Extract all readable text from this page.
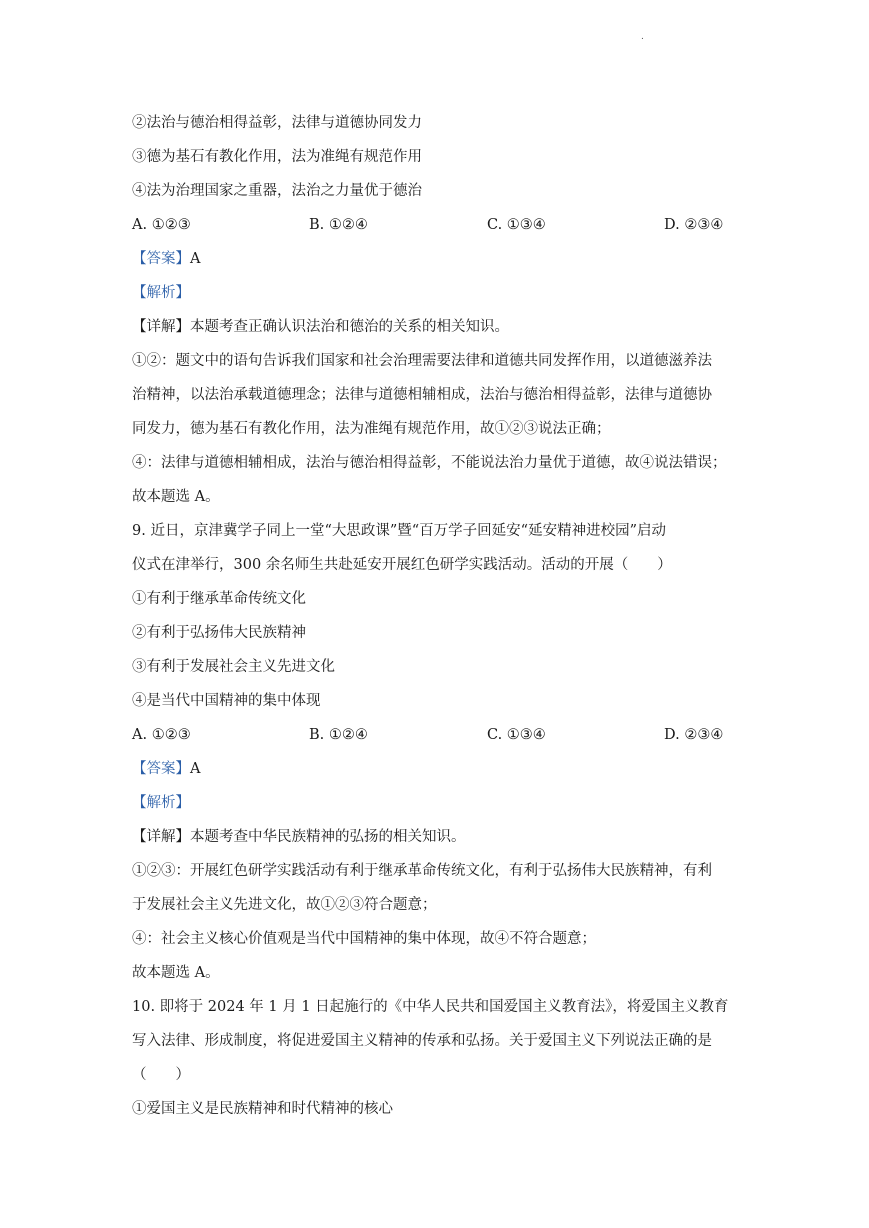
.
②法治与德治相得益彰，法律与道德协同发力
③德为基石有教化作用，法为准绳有规范作用
④法为治理国家之重器，法治之力量优于德治
A. ①②③	B. ①②④	C. ①③④	D. ②③④
【答案】A
【解析】
【详解】本题考查正确认识法治和德治的关系的相关知识。
①②：题文中的语句告诉我们国家和社会治理需要法律和道德共同发挥作用，以道德滋养法
治精神，以法治承载道德理念；法律与道德相辅相成，法治与德治相得益彰，法律与道德协
同发力，德为基石有教化作用，法为准绳有规范作用，故①②③说法正确；
④：法律与道德相辅相成，法治与德治相得益彰，不能说法治力量优于道德，故④说法错误；
故本题选 A。
9. 近日，京津冀学子同上一堂“大思政课”暨“百万学子回延安“延安精神进校园”启动
仪式在津举行，300 余名师生共赴延安开展红色研学实践活动。活动的开展（　　）
①有利于继承革命传统文化
②有利于弘扬伟大民族精神
③有利于发展社会主义先进文化
④是当代中国精神的集中体现
A. ①②③	B. ①②④	C. ①③④	D. ②③④
【答案】A
【解析】
【详解】本题考查中华民族精神的弘扬的相关知识。
①②③：开展红色研学实践活动有利于继承革命传统文化，有利于弘扬伟大民族精神，有利
于发展社会主义先进文化，故①②③符合题意；
④：社会主义核心价值观是当代中国精神的集中体现，故④不符合题意；
故本题选 A。
10. 即将于 2024 年 1 月 1 日起施行的《中华人民共和国爱国主义教育法》，将爱国主义教育
写入法律、形成制度，将促进爱国主义精神的传承和弘扬。关于爱国主义下列说法正确的是
（　　）
①爱国主义是民族精神和时代精神的核心
